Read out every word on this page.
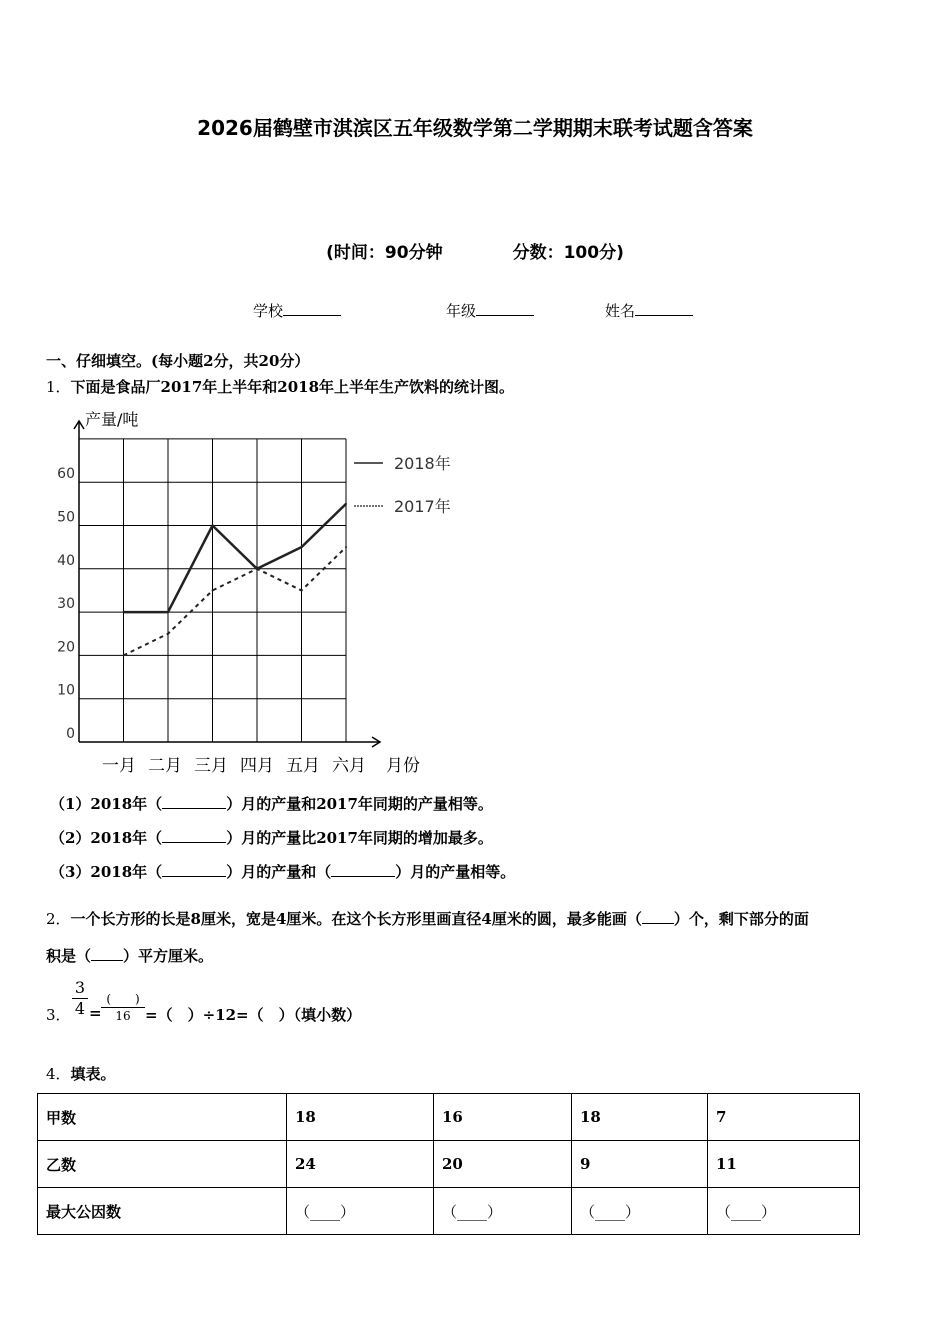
2026届鹤壁市淇滨区五年级数学第二学期期末联考试题含答案
(时间：90分钟	分数：100分)
学校	年级	姓名
一、仔细填空。(每小题2分，共20分）
1．下面是食品厂2017年上半年和2018年上半年生产饮料的统计图。
0
10
20
30
40
50
60
产量/吨
月份
一月 二月 三月 四月 五月 六月
2018年
2017年
（1）2018年（	）月的产量和2017年同期的产量相等。
（2）2018年（	）月的产量比2017年同期的增加最多。
（3）2018年（	）月的产量和（	）月的产量相等。
2．一个长方形的长是8厘米，宽是4厘米。在这个长方形里画直径4厘米的圆，最多能画（ ）个，剩下部分的面
积是（ ）平方厘米。
3． $\frac{3}{4}$ =
(　　)
16 =（　）÷12=（　）（填小数）
4．填表。
甲数	18	16	18	7
乙数	24	20	9	11
最大公因数	（____）	（____）	（____）	（____）
